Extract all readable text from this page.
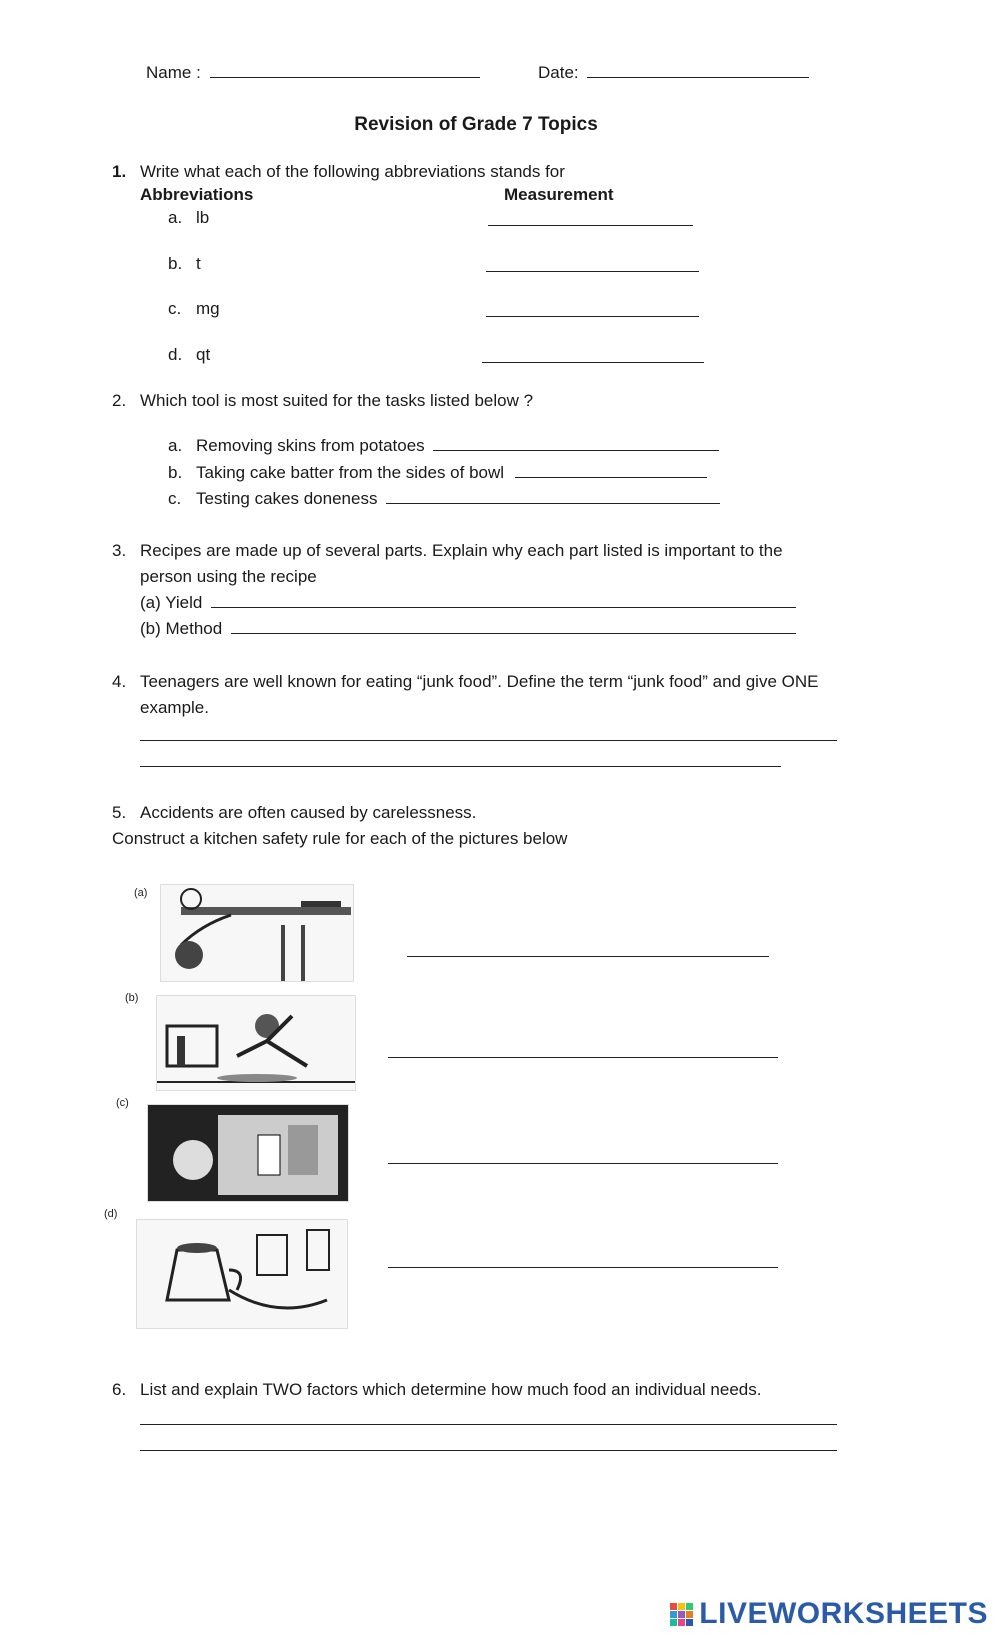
Name :	Date:
Revision of Grade 7 Topics
1. Write what each of the following abbreviations stands for
Abbreviations	Measurement
a. lb
b. t
c. mg
d. qt
2. Which tool is most suited for the tasks listed below ?
a. Removing skins from potatoes
b. Taking cake batter from the sides of bowl
c. Testing cakes doneness
3. Recipes are made up of several parts. Explain why each part listed is important to the
person using the recipe
(a) Yield
(b) Method
4. Teenagers are well known for eating “junk food”. Define the term “junk food” and give ONE
example.
5. Accidents are often caused by carelessness.
Construct a kitchen safety rule for each of the pictures below
(a)
(b)
(c)
(d)
6. List and explain TWO factors which determine how much food an individual needs.
LIVEWORKSHEETS
